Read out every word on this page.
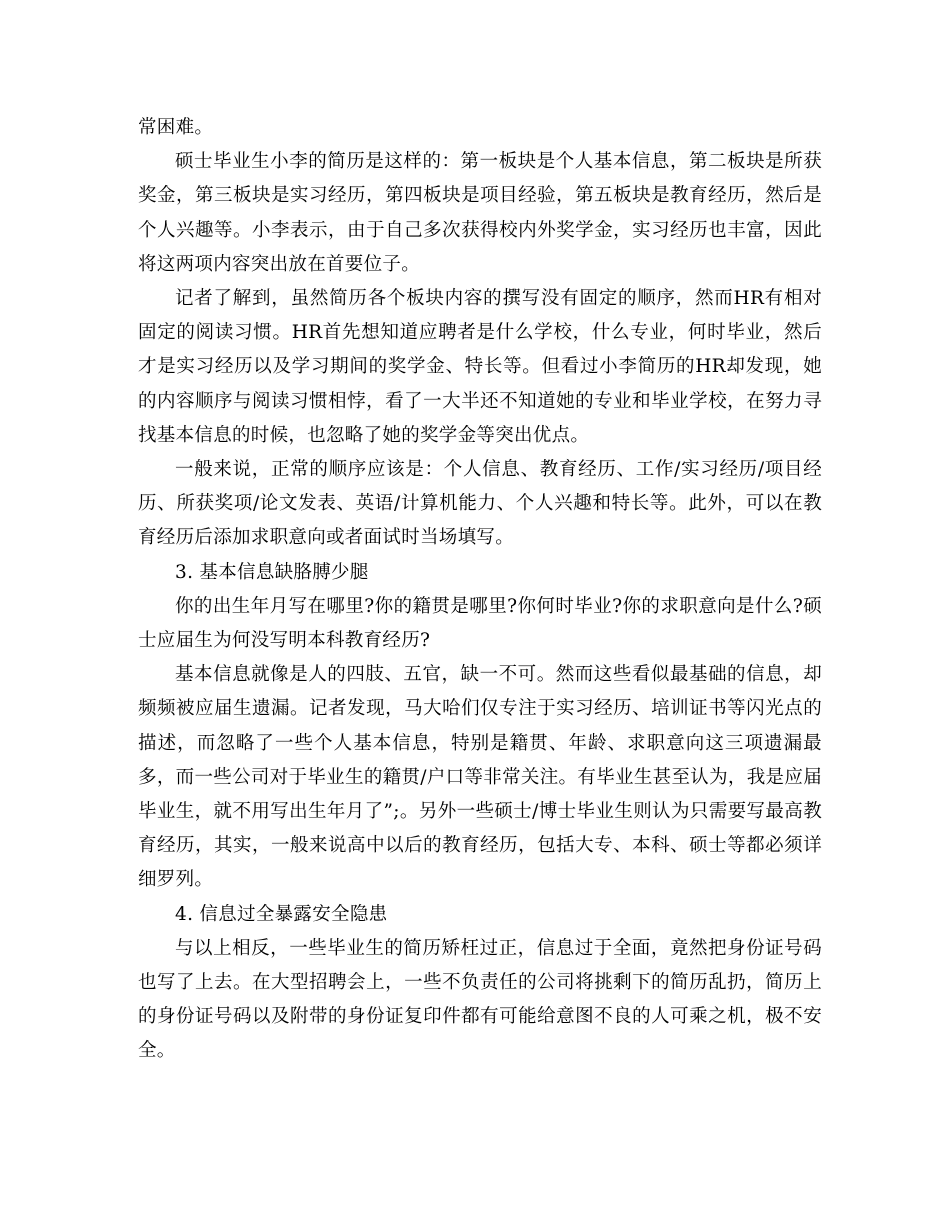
常困难。

硕士毕业生小李的简历是这样的：第一板块是个人基本信息，第二板块是所获奖金，第三板块是实习经历，第四板块是项目经验，第五板块是教育经历，然后是个人兴趣等。小李表示，由于自己多次获得校内外奖学金，实习经历也丰富，因此将这两项内容突出放在首要位子。

记者了解到，虽然简历各个板块内容的撰写没有固定的顺序，然而HR有相对固定的阅读习惯。HR首先想知道应聘者是什么学校，什么专业，何时毕业，然后才是实习经历以及学习期间的奖学金、特长等。但看过小李简历的HR却发现，她的内容顺序与阅读习惯相悖，看了一大半还不知道她的专业和毕业学校，在努力寻找基本信息的时候，也忽略了她的奖学金等突出优点。

一般来说，正常的顺序应该是：个人信息、教育经历、工作/实习经历/项目经历、所获奖项/论文发表、英语/计算机能力、个人兴趣和特长等。此外，可以在教育经历后添加求职意向或者面试时当场填写。

3. 基本信息缺胳膊少腿

你的出生年月写在哪里?你的籍贯是哪里?你何时毕业?你的求职意向是什么?硕士应届生为何没写明本科教育经历?

基本信息就像是人的四肢、五官，缺一不可。然而这些看似最基础的信息，却频频被应届生遗漏。记者发现，马大哈们仅专注于实习经历、培训证书等闪光点的描述，而忽略了一些个人基本信息，特别是籍贯、年龄、求职意向这三项遗漏最多，而一些公司对于毕业生的籍贯/户口等非常关注。有毕业生甚至认为，我是应届毕业生，就不用写出生年月了”;。另外一些硕士/博士毕业生则认为只需要写最高教育经历，其实，一般来说高中以后的教育经历，包括大专、本科、硕士等都必须详细罗列。

4. 信息过全暴露安全隐患

与以上相反，一些毕业生的简历矫枉过正，信息过于全面，竟然把身份证号码也写了上去。在大型招聘会上，一些不负责任的公司将挑剩下的简历乱扔，简历上的身份证号码以及附带的身份证复印件都有可能给意图不良的人可乘之机，极不安全。
